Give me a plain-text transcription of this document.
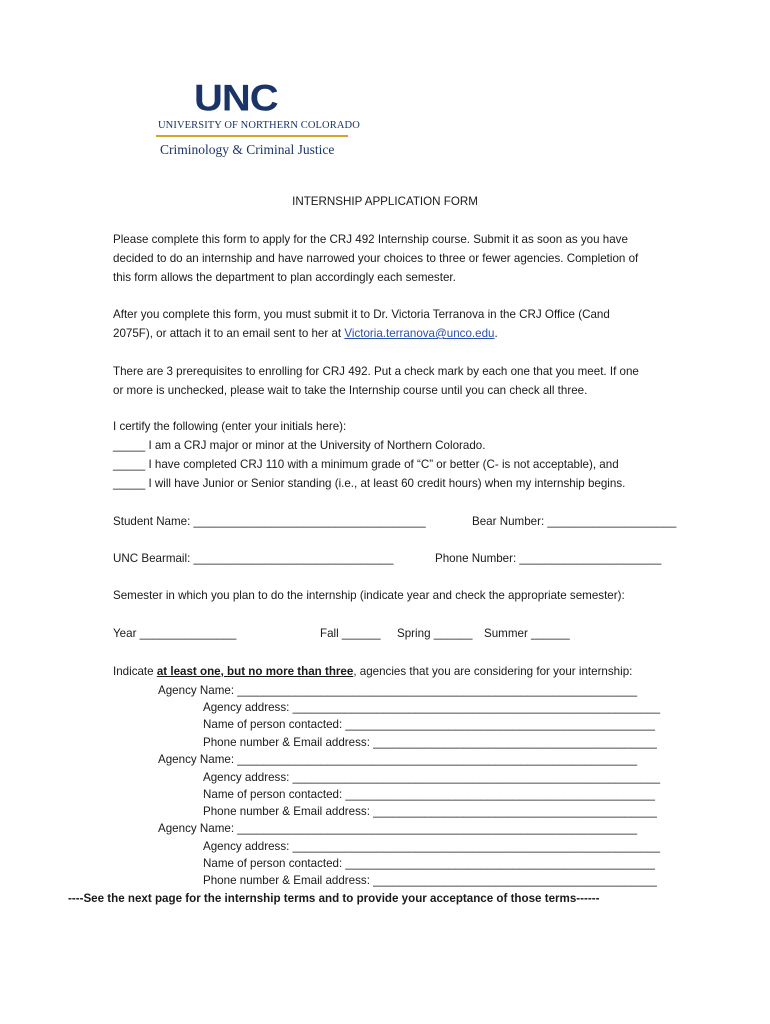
UNC
UNIVERSITY OF NORTHERN COLORADO
Criminology & Criminal Justice
INTERNSHIP APPLICATION FORM
Please complete this form to apply for the CRJ 492 Internship course. Submit it as soon as you have
decided to do an internship and have narrowed your choices to three or fewer agencies. Completion of
this form allows the department to plan accordingly each semester.
After you complete this form, you must submit it to Dr. Victoria Terranova in the CRJ Office (Cand
2075F), or attach it to an email sent to her at Victoria.terranova@unco.edu.
There are 3 prerequisites to enrolling for CRJ 492. Put a check mark by each one that you meet. If one
or more is unchecked, please wait to take the Internship course until you can check all three.
I certify the following (enter your initials here):
_____ I am a CRJ major or minor at the University of Northern Colorado.
_____ I have completed CRJ 110 with a minimum grade of “C” or better (C- is not acceptable), and
_____ I will have Junior or Senior standing (i.e., at least 60 credit hours) when my internship begins.
Student Name: ____________________________________	Bear Number: ____________________
UNC Bearmail: _______________________________	Phone Number: ______________________
Semester in which you plan to do the internship (indicate year and check the appropriate semester):
Year _______________	Fall ______ Spring ______ Summer ______
Indicate at least one, but no more than three, agencies that you are considering for your internship:
Agency Name: ______________________________________________________________
Agency address: _________________________________________________________
Name of person contacted: ________________________________________________
Phone number & Email address: ____________________________________________
Agency Name: ______________________________________________________________
Agency address: _________________________________________________________
Name of person contacted: ________________________________________________
Phone number & Email address: ____________________________________________
Agency Name: ______________________________________________________________
Agency address: _________________________________________________________
Name of person contacted: ________________________________________________
Phone number & Email address: ____________________________________________
----See the next page for the internship terms and to provide your acceptance of those terms------
